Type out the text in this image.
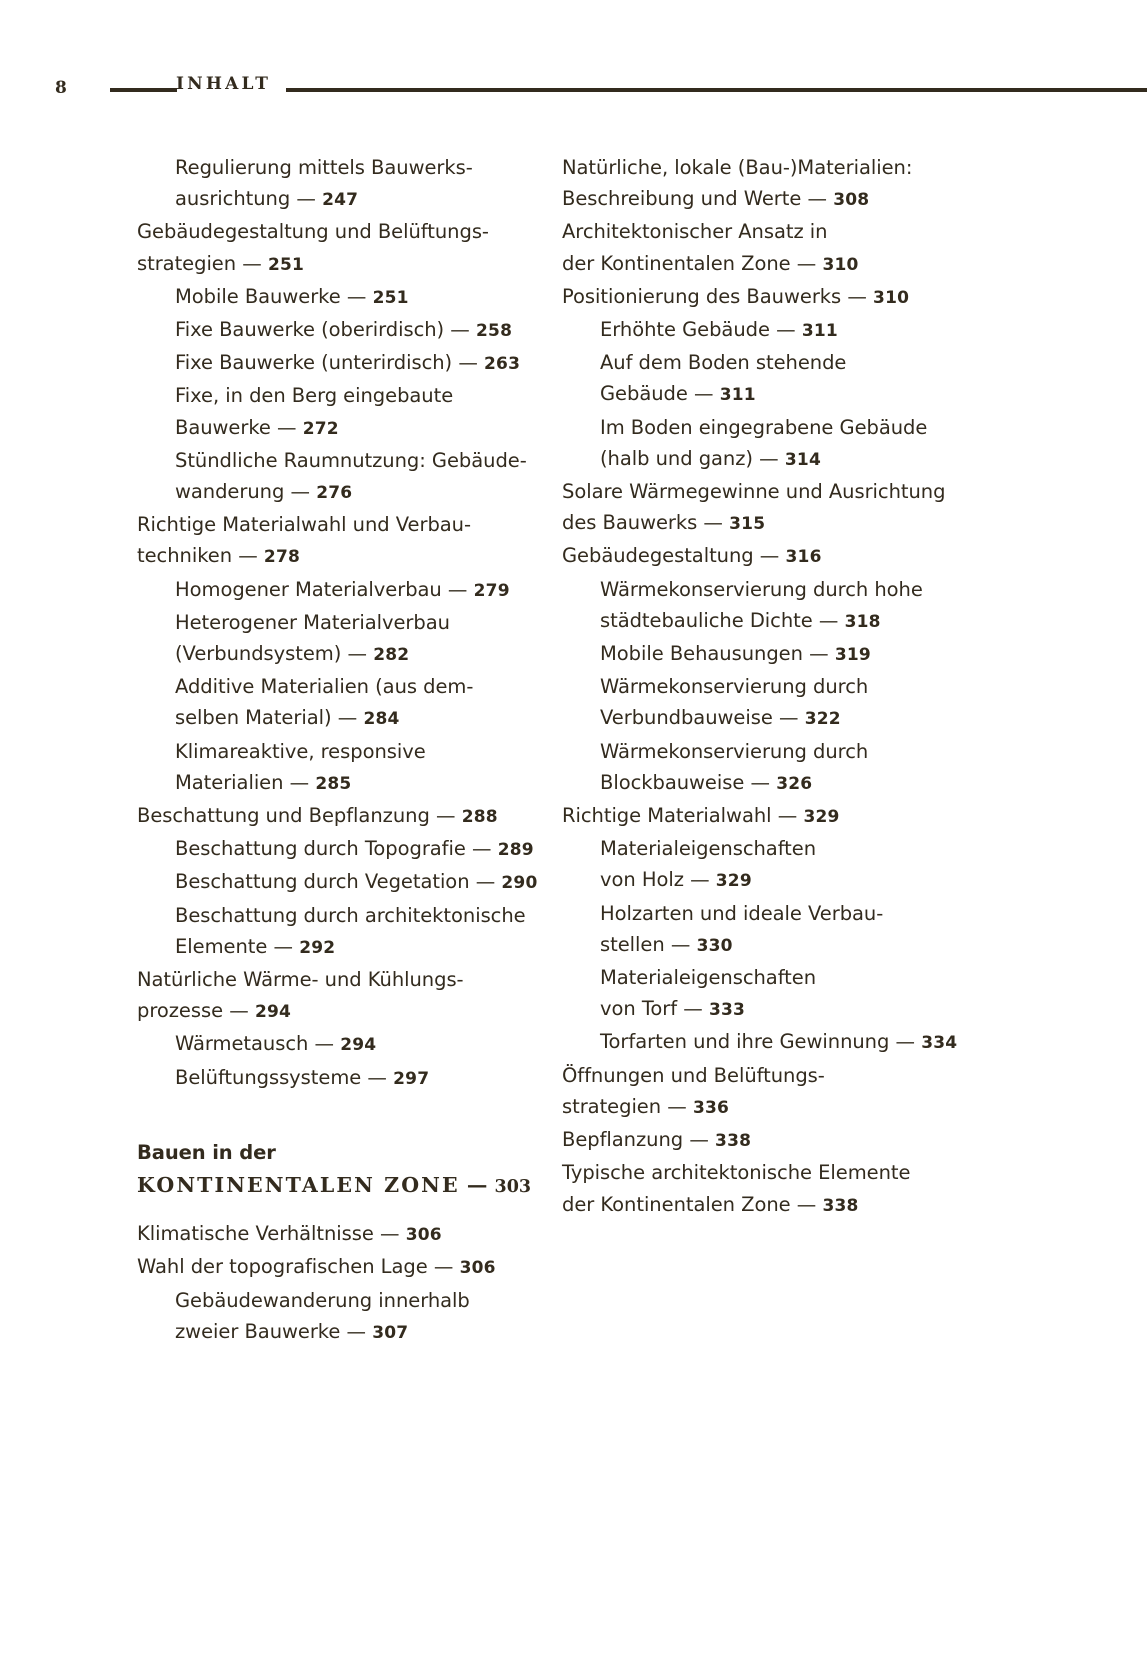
8	INHALT
Regulierung mittels Bauwerks-
ausrichtung — 247
Gebäudegestaltung und Belüftungs-
strategien — 251
Mobile Bauwerke — 251
Fixe Bauwerke (oberirdisch) — 258
Fixe Bauwerke (unterirdisch) — 263
Fixe, in den Berg eingebaute
Bauwerke — 272
Stündliche Raumnutzung: Gebäude-
wanderung — 276
Richtige Materialwahl und Verbau-
techniken — 278
Homogener Materialverbau — 279
Heterogener Materialverbau
(Verbundsystem) — 282
Additive Materialien (aus dem-
selben Material) — 284
Klimareaktive, responsive
Materialien — 285
Beschattung und Bepflanzung — 288
Beschattung durch Topografie — 289
Beschattung durch Vegetation — 290
Beschattung durch architektonische
Elemente — 292
Natürliche Wärme- und Kühlungs-
prozesse — 294
Wärmetausch — 294
Belüftungssysteme — 297
Bauen in der
KONTINENTALEN ZONE — 303
Klimatische Verhältnisse — 306
Wahl der topografischen Lage — 306
Gebäudewanderung innerhalb
zweier Bauwerke — 307
Natürliche, lokale (Bau-)Materialien:
Beschreibung und Werte — 308
Architektonischer Ansatz in
der Kontinentalen Zone — 310
Positionierung des Bauwerks — 310
Erhöhte Gebäude — 311
Auf dem Boden stehende
Gebäude — 311
Im Boden eingegrabene Gebäude
(halb und ganz) — 314
Solare Wärmegewinne und Ausrichtung
des Bauwerks — 315
Gebäudegestaltung — 316
Wärmekonservierung durch hohe
städtebauliche Dichte — 318
Mobile Behausungen — 319
Wärmekonservierung durch
Verbundbauweise — 322
Wärmekonservierung durch
Blockbauweise — 326
Richtige Materialwahl — 329
Materialeigenschaften
von Holz — 329
Holzarten und ideale Verbau-
stellen — 330
Materialeigenschaften
von Torf — 333
Torfarten und ihre Gewinnung — 334
Öffnungen und Belüftungs-
strategien — 336
Bepflanzung — 338
Typische architektonische Elemente
der Kontinentalen Zone — 338
